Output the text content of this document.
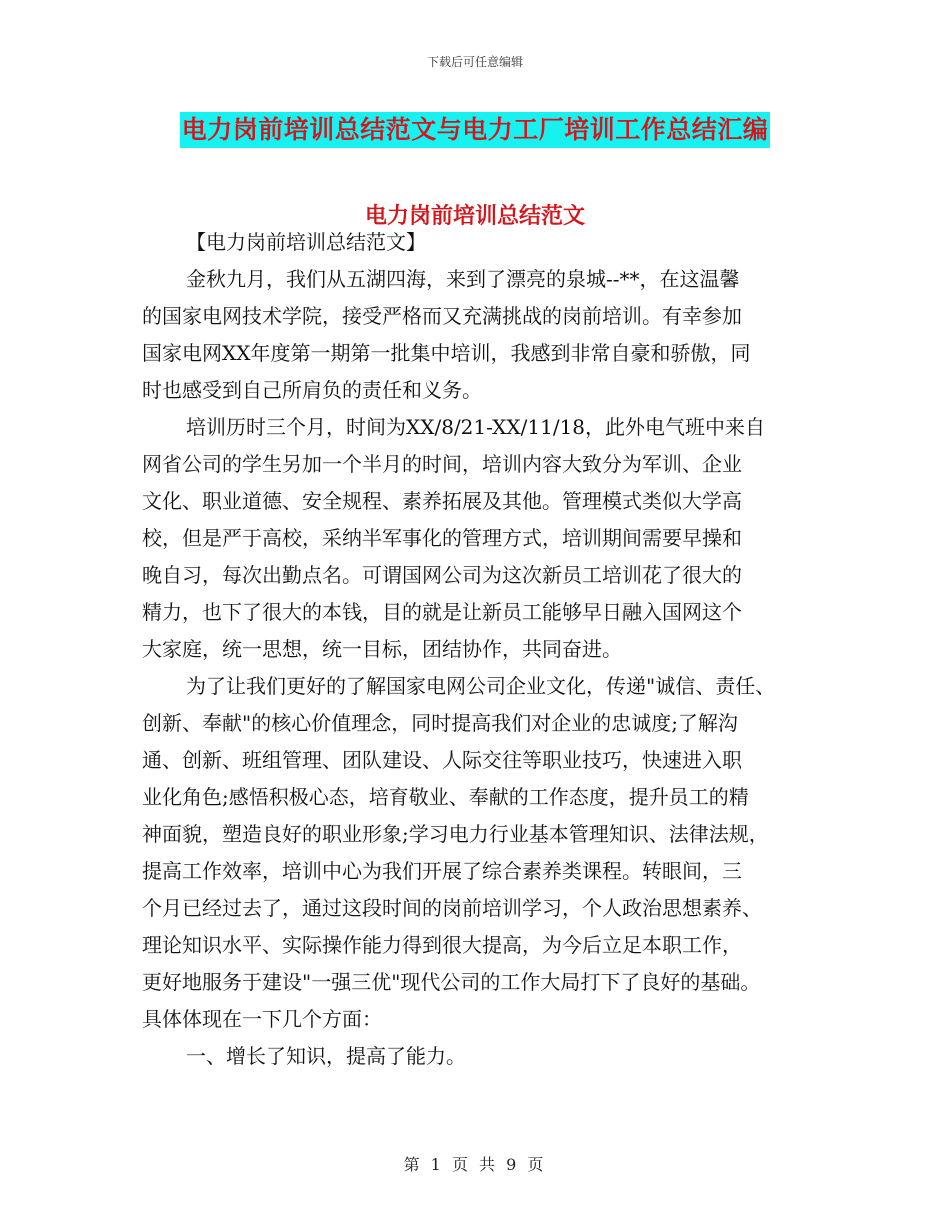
下载后可任意编辑
电力岗前培训总结范文与电力工厂培训工作总结汇编
电力岗前培训总结范文
【电力岗前培训总结范文】
金秋九月，我们从五湖四海，来到了漂亮的泉城--**，在这温馨
的国家电网技术学院，接受严格而又充满挑战的岗前培训。有幸参加
国家电网XX年度第一期第一批集中培训，我感到非常自豪和骄傲，同
时也感受到自己所肩负的责任和义务。
培训历时三个月，时间为XX/8/21-XX/11/18，此外电气班中来自
网省公司的学生另加一个半月的时间，培训内容大致分为军训、企业
文化、职业道德、安全规程、素养拓展及其他。管理模式类似大学高
校，但是严于高校，采纳半军事化的管理方式，培训期间需要早操和
晚自习，每次出勤点名。可谓国网公司为这次新员工培训花了很大的
精力，也下了很大的本钱，目的就是让新员工能够早日融入国网这个
大家庭，统一思想，统一目标，团结协作，共同奋进。
为了让我们更好的了解国家电网公司企业文化，传递"诚信、责任、
创新、奉献"的核心价值理念，同时提高我们对企业的忠诚度;了解沟
通、创新、班组管理、团队建设、人际交往等职业技巧，快速进入职
业化角色;感悟积极心态，培育敬业、奉献的工作态度，提升员工的精
神面貌，塑造良好的职业形象;学习电力行业基本管理知识、法律法规，
提高工作效率，培训中心为我们开展了综合素养类课程。转眼间，三
个月已经过去了，通过这段时间的岗前培训学习，个人政治思想素养、
理论知识水平、实际操作能力得到很大提高，为今后立足本职工作，
更好地服务于建设"一强三优"现代公司的工作大局打下了良好的基础。
具体体现在一下几个方面：
一、增长了知识，提高了能力。
第 1 页 共 9 页
